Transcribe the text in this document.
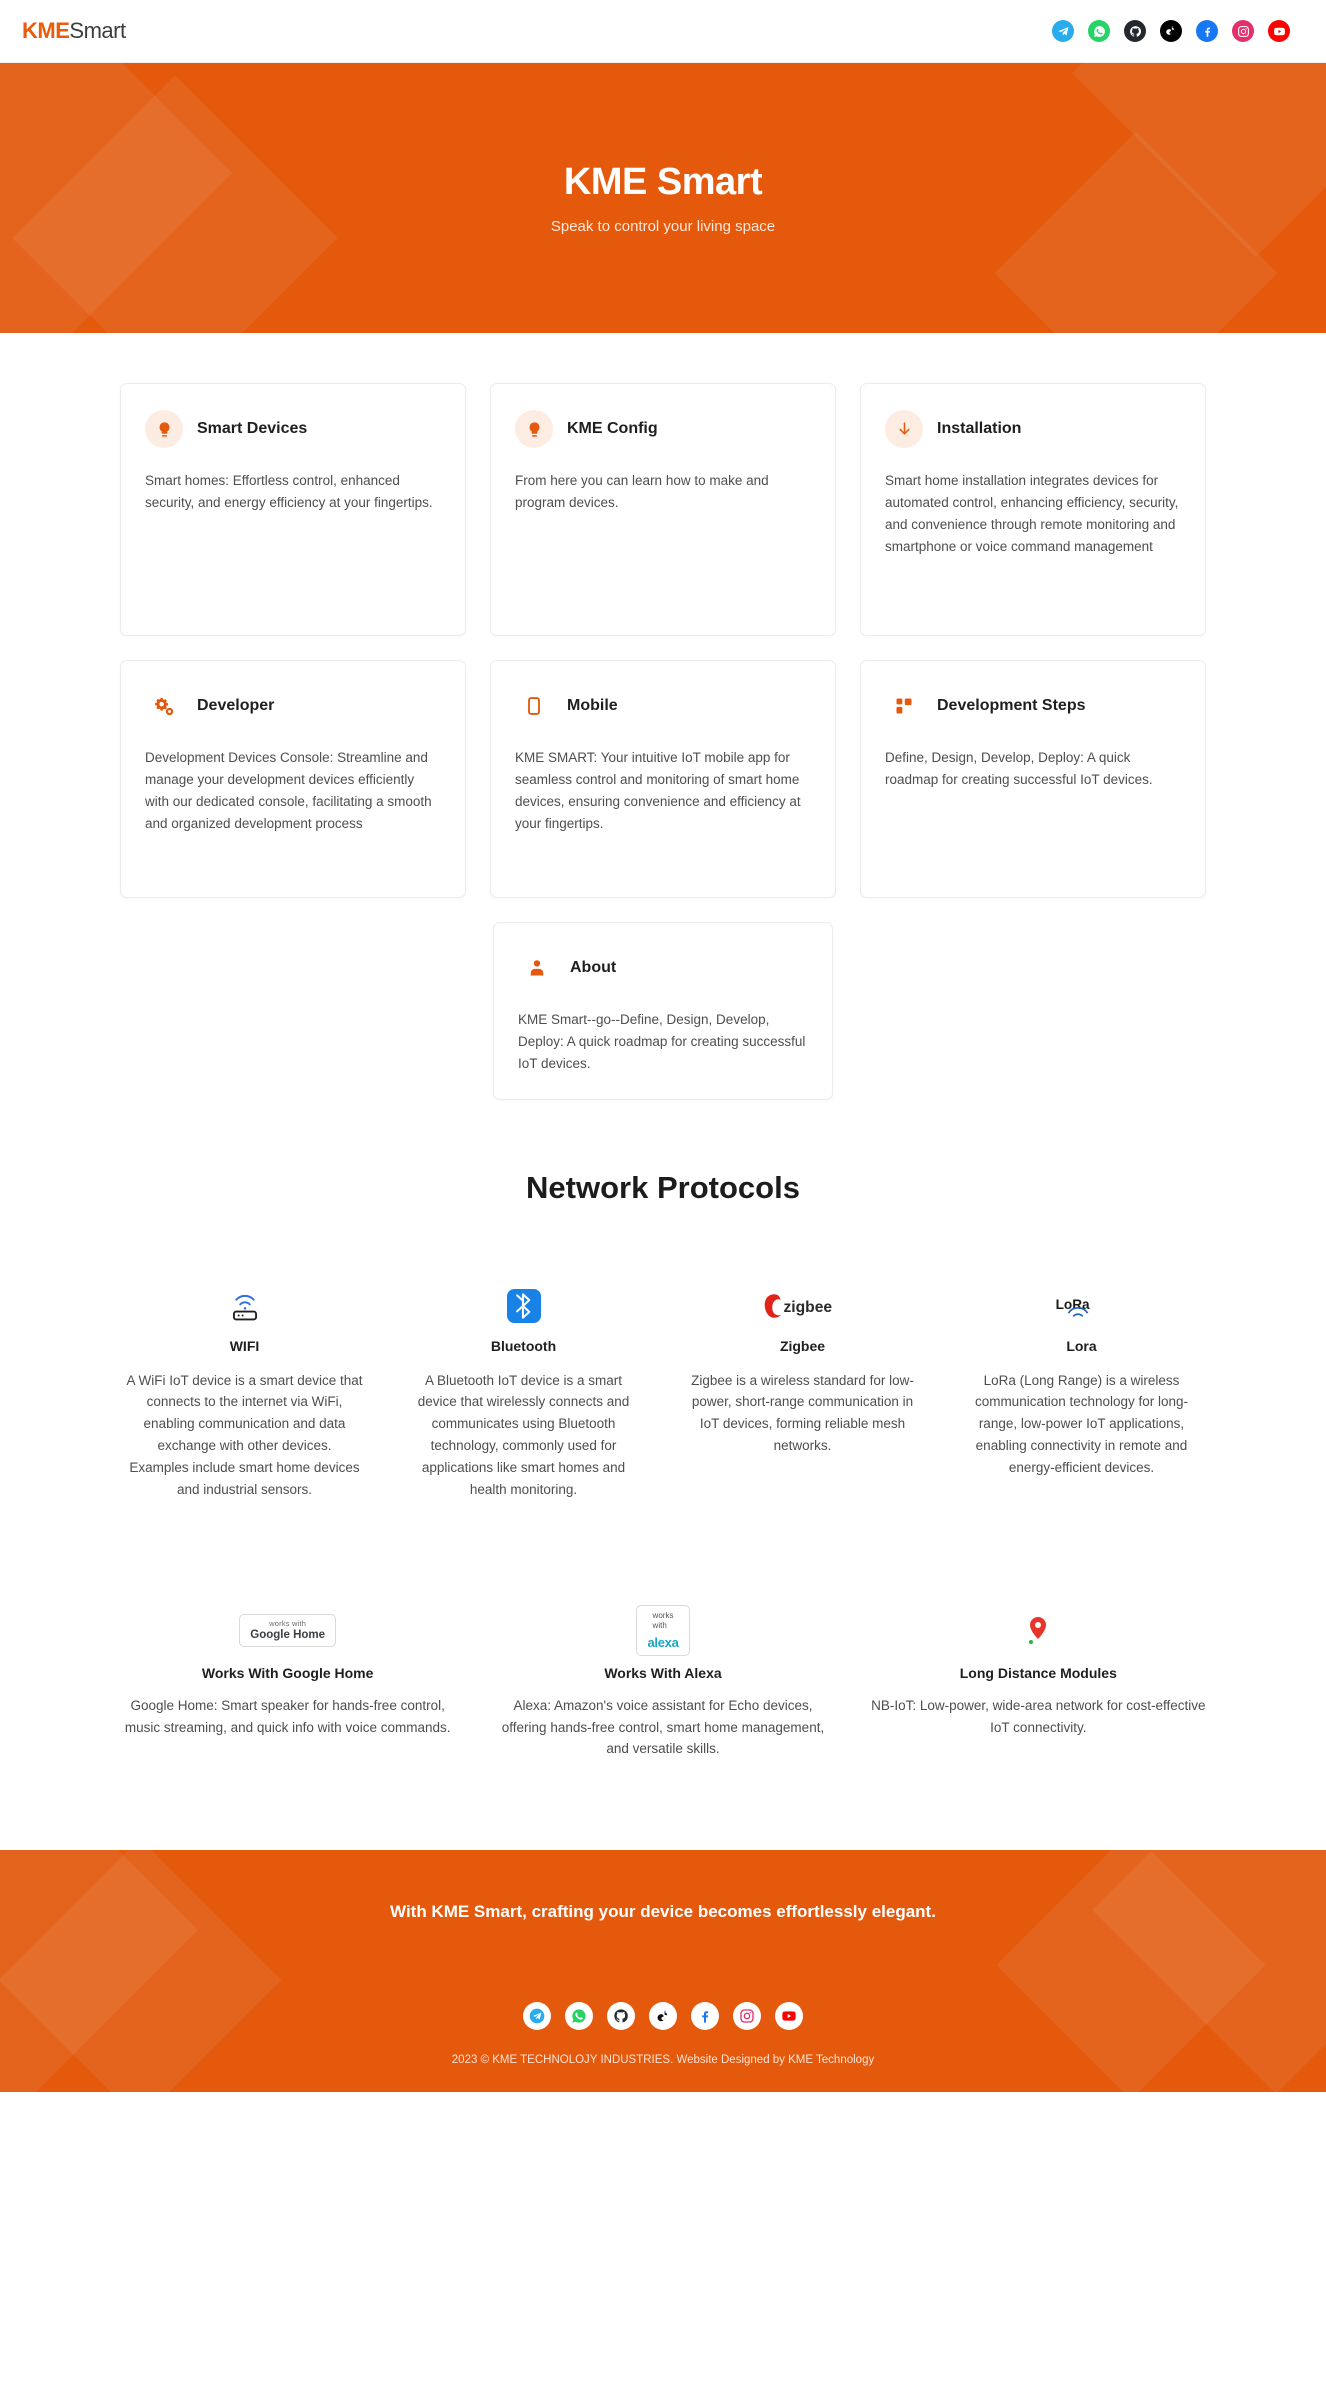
KMESmart
KME Smart

Speak to control your living space

Smart Devices
Smart homes: Effortless control, enhanced security, and energy efficiency at your fingertips.
KME Config
From here you can learn how to make and program devices.
Installation
Smart home installation integrates devices for automated control, enhancing efficiency, security, and convenience through remote monitoring and smartphone or voice command management
Developer
Development Devices Console: Streamline and manage your development devices efficiently with our dedicated console, facilitating a smooth and organized development process
Mobile
KME SMART: Your intuitive IoT mobile app for seamless control and monitoring of smart home devices, ensuring convenience and efficiency at your fingertips.
Development Steps
Define, Design, Develop, Deploy: A quick roadmap for creating successful IoT devices.
About
KME Smart--go--Define, Design, Develop, Deploy: A quick roadmap for creating successful IoT devices.
Network Protocols
WIFI
A WiFi IoT device is a smart device that connects to the internet via WiFi, enabling communication and data exchange with other devices. Examples include smart home devices and industrial sensors.
Bluetooth
A Bluetooth IoT device is a smart device that wirelessly connects and communicates using Bluetooth technology, commonly used for applications like smart homes and health monitoring.
zigbee
Zigbee
Zigbee is a wireless standard for low-power, short-range communication in IoT devices, forming reliable mesh networks.
LoRa
Lora
LoRa (Long Range) is a wireless communication technology for long-range, low-power IoT applications, enabling connectivity in remote and energy-efficient devices.
works with
Google Home
Works With Google Home
Google Home: Smart speaker for hands-free control, music streaming, and quick info with voice commands.
works
with
alexa
Works With Alexa
Alexa: Amazon's voice assistant for Echo devices, offering hands-free control, smart home management, and versatile skills.
Long Distance Modules
NB-IoT: Low-power, wide-area network for cost-effective IoT connectivity.
With KME Smart, crafting your device becomes effortlessly elegant.
2023 © KME TECHNOLOJY INDUSTRIES. Website Designed by KME Technology
